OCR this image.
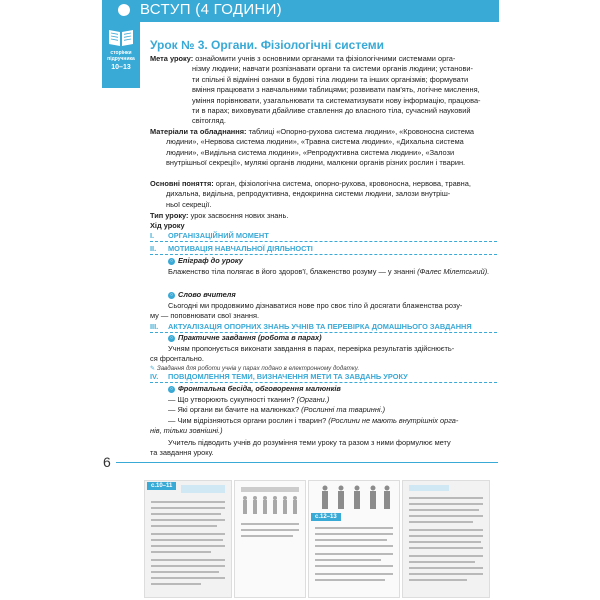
ВСТУП (4 ГОДИНИ)
сторінки підручника
10–13
Урок № 3. Органи. Фізіологічні системи
Мета уроку: ознайомити учнів з основними органами та фізіологічними системами орга-
нізму людини; навчати розпізнавати органи та системи органів людини; установи-
ти спільні й відмінні ознаки в будові тіла людини та інших організмів; формувати
вміння працювати з навчальними таблицями; розвивати пам'ять, логічне мислення,
уміння порівнювати, узагальнювати та систематизувати нову інформацію, працюва-
ти в парах; виховувати дбайливе ставлення до власного тіла, сучасний науковий
світогляд.
Матеріали та обладнання: таблиці «Опорно-рухова система людини», «Кровоносна система
людини», «Нервова система людини», «Травна система людини», «Дихальна система
людини», «Видільна система людини», «Репродуктивна система людини», «Залози
внутрішньої секреції», муляжі органів людини, малюнки органів різних рослин і тварин.
Основні поняття: орган, фізіологічна система, опорно-рухова, кровоносна, нервова, травна,
дихальна, видільна, репродуктивна, ендокринна системи людини, залози внутріш-
ньої секреції.
Тип уроку: урок засвоєння нових знань.
Хід уроку
I. ОРГАНІЗАЦІЙНИЙ МОМЕНТ
II. МОТИВАЦІЯ НАВЧАЛЬНОЇ ДІЯЛЬНОСТІ
○ Епіграф до уроку
Блаженство тіла полягає в його здоров'ї, блаженство розуму — у знанні (Фалес Мілетський).
○ Слово вчителя
Сьогодні ми продовжимо дізнаватися нове про своє тіло й досягати блаженства розу-
му — поповнювати свої знання.
III. АКТУАЛІЗАЦІЯ ОПОРНИХ ЗНАНЬ УЧНІВ ТА ПЕРЕВІРКА ДОМАШНЬОГО ЗАВДАННЯ
○ Практичне завдання (робота в парах)
Учням пропонується виконати завдання в парах, перевірка результатів здійснюєть-
ся фронтально.
✎ Завдання для роботи учнів у парах подано в електронному додатку.
IV. ПОВІДОМЛЕННЯ ТЕМИ, ВИЗНАЧЕННЯ МЕТИ ТА ЗАВДАНЬ УРОКУ
○ Фронтальна бесіда, обговорення малюнків
— Що утворюють сукупності тканин? (Органи.)
— Які органи ви бачите на малюнках? (Рослинні та тваринні.)
— Чим відрізняються органи рослин і тварин? (Рослини не мають внутрішніх орга-
нів, тільки зовнішні.)
Учитель підводить учнів до розуміння теми уроку та разом з ними формулює мету
та завдання уроку.
6
с.10–11
с.12–13
